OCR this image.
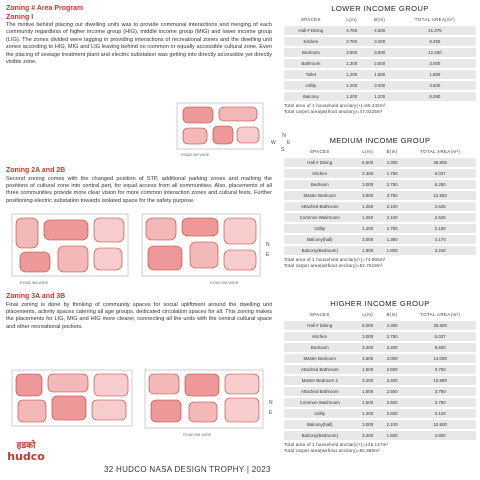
Zoning # Area Program
Zoning I
The motive behind placing our dwelling units was to provide communal interactions and merging of each community regardless of higher income group (HIG), middle income group (MIG) and lower income group (LIG). The zones divided were lagging in providing interactions of recreational zones and the dwelling unit zones according to HIG, MIG and LIG leaving behind no common or equally accessible cultural zone. Even the placing of sewage treatment plant and electric substation was getting into directly accessible yet directly visible zone.
ROAD 9M WIDE
N
W E
S
Zoning 2A and 2B
Second zoning comes with the changed position of STP, additional parking zones and marking the positions of cultural zone into central part, for equal access from all communities. Also, placements of all three communities provide more clear vision for more common interaction zones and cultural fests. Further positioning electric substation towards isolated space for the safety purpose.
ROAD 9M WIDE	ROAD 9M WIDE
N
E
Zoning 3A and 3B
Final zoning is done by thinking of community spaces for social upliftment around the dwelling unit placements, activity spaces catering all age groups, dedicated circulation spaces for all. This zoning makes the placements for LIG, MIG and HIG more clearer, connecting all the units with the central cultural space and other recreational pockets.
ROAD 9M WIDE
N
E
हडको
hudco
32 HUDCO NASA DESIGN TROPHY | 2023
LOWER INCOME GROUP
SPACES	L(m)	B(m)	TOTAL AREA(m²)
Hall # Dining	4.750	4.500	21.375
Kitchen	2.750	3.000	8.250
Bedroom	3.500	3.500	12.250
Bathroom	1.200	2.500	3.000
Toilet	1.200	1.500	1.800
Utility	1.200	3.000	3.600
Balcony	1.200	1.200	6.280
Total area of 1 household ancilary(+)=66.242m²
Total carpet area(without ancilary)=47.0225m²
MEDIUM INCOME GROUP
SPACES	L(m)	B(m)	TOTAL AREA(m²)
Hall # Dining	6.500	4.300	28.805
Kitchen	2.450	1.750	6.037
Bedroom	3.000	2.750	8.250
Master Bedroom	3.500	3.750	12.860
Attached Bathroom	1.250	2.100	2.625
Common Washroom	1.250	2.100	2.625
Utility	1.200	1.750	2.100
Balcony(hall)	3.000	1.390	4.170
Balcony(Bedroom)	1.800	1.800	3.240
Total area of 1 household ancilary(+)=74.806m²
Total carpet area(without ancilary)=52.7518m²
HIGHER INCOME GROUP
SPACES	L(m)	B(m)	TOTAL AREA(m²)
Hall # Dining	6.000	4.300	25.800
Kitchen	3.000	2.750	6.037
Bedroom	3.200	3.200	9.600
Master Bedroom	3.500	4.000	14.000
Attached Bathroom	1.500	2.500	3.750
Master Bedroom 2	3.200	3.400	10.880
Attached Bathroom	1.500	2.500	3.750
Common Washroom	1.500	2.500	3.750
Utility	1.200	2.600	3.120
Balcony(hall)	3.000	2.100	10.500
Balcony(Bedroom)	3.200	1.500	4.800
Total area of 1 household ancilary(+)=125.147m²
Total carpet area(without ancilary)=82.580m²
